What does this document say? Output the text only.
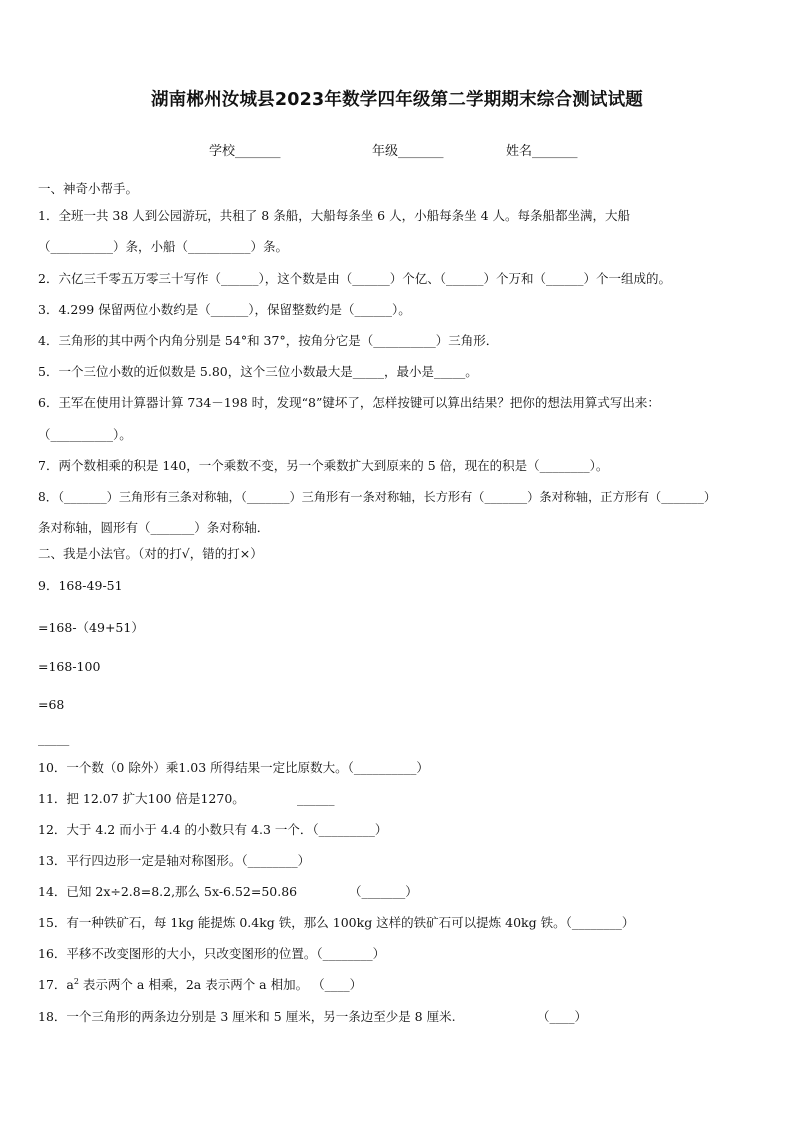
湖南郴州汝城县2023年数学四年级第二学期期末综合测试试题
学校_______	年级_______	姓名_______
一、神奇小帮手。
1．全班一共 38 人到公园游玩，共租了 8 条船，大船每条坐 6 人，小船每条坐 4 人。每条船都坐满，大船
（__________）条，小船（__________）条。
2．六亿三千零五万零三十写作（______），这个数是由（______）个亿、（______）个万和（______）个一组成的。
3．4.299 保留两位小数约是（______），保留整数约是（______）。
4．三角形的其中两个内角分别是 54°和 37°，按角分它是（__________）三角形．
5．一个三位小数的近似数是 5.80，这个三位小数最大是_____，最小是_____。
6．王军在使用计算器计算 734－198 时，发现“8”键坏了，怎样按键可以算出结果？把你的想法用算式写出来：
（__________）。
7．两个数相乘的积是 140，一个乘数不变，另一个乘数扩大到原来的 5 倍，现在的积是（________）。
8．（_______）三角形有三条对称轴，（_______）三角形有一条对称轴，长方形有（_______）条对称轴，正方形有（_______）
条对称轴，圆形有（_______）条对称轴．
二、我是小法官。（对的打√，错的打×）
9．168-49-51
=168-（49+51）
=168-100
=68
_____
10．一个数（0 除外）乘1.03 所得结果一定比原数大。（__________）
11．把 12.07 扩大100 倍是1270。	______
12．大于 4.2 而小于 4.4 的小数只有 4.3 一个．（_________）
13．平行四边形一定是轴对称图形。（________）
14．已知 2x÷2.8=8.2,那么 5x-6.52=50.86	（_______）
15．有一种铁矿石，每 1kg 能提炼 0.4kg 铁，那么 100kg 这样的铁矿石可以提炼 40kg 铁。（________）
16．平移不改变图形的大小，只改变图形的位置。（________）
17．$a^2$ 表示两个 a 相乘，2a 表示两个 a 相加。 （____）
18．一个三角形的两条边分别是 3 厘米和 5 厘米，另一条边至少是 8 厘米.	（____）
